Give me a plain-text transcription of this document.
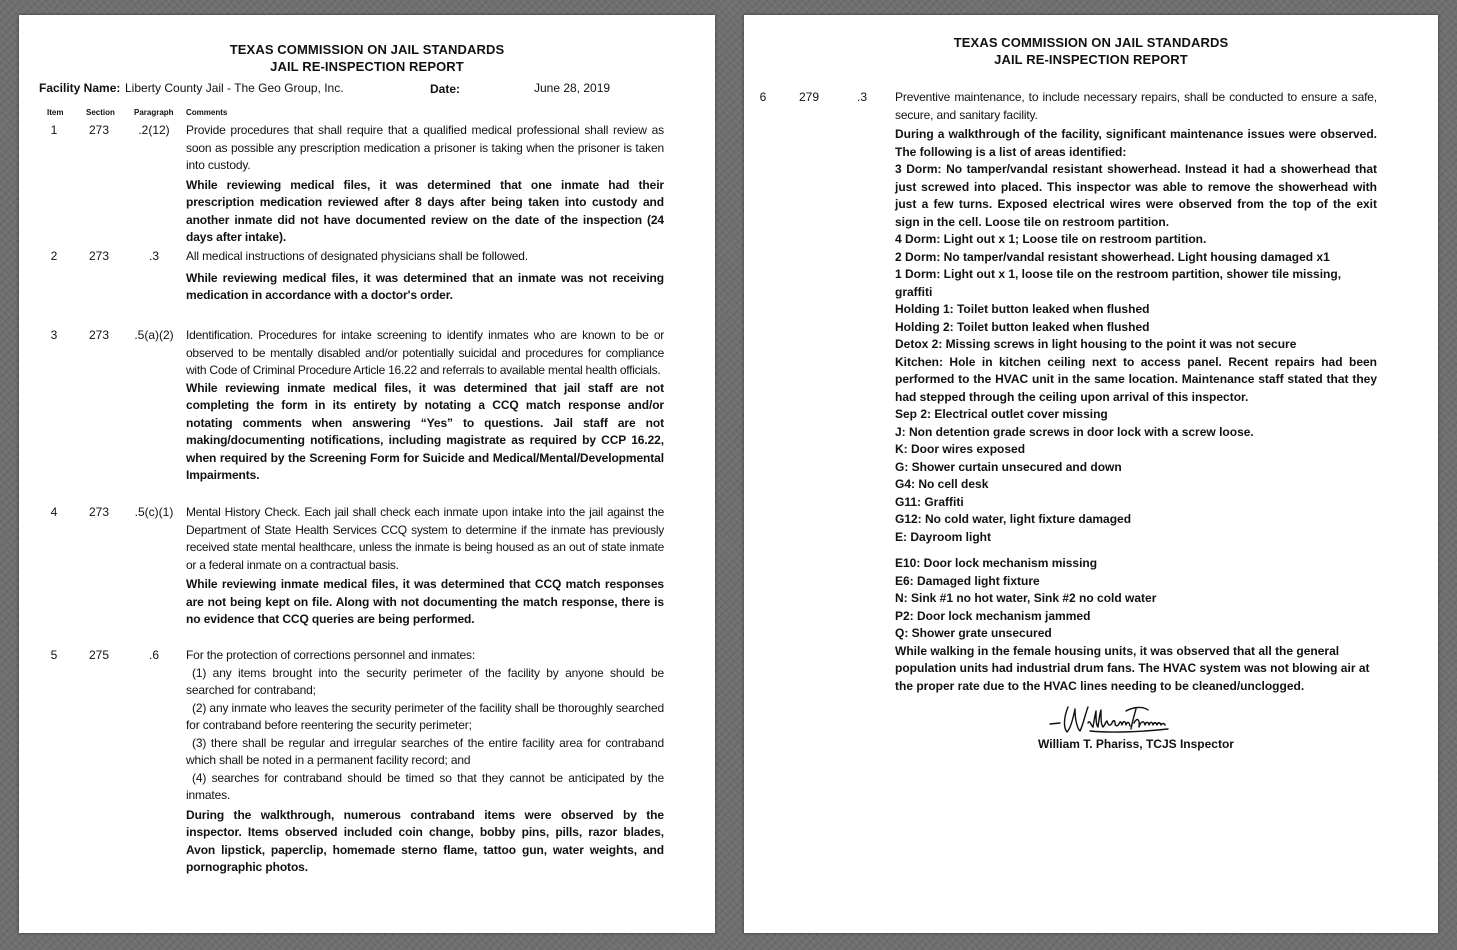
TEXAS COMMISSION ON JAIL STANDARDS
JAIL RE-INSPECTION REPORT
Facility Name: Liberty County Jail - The Geo Group, Inc.	Date:	June 28, 2019
Item	Section Paragraph Comments
1	273	.2(12)	Provide procedures that shall require that a qualified medical professional shall review as soon as possible any prescription medication a prisoner is taking when the prisoner is taken into custody.

While reviewing medical files, it was determined that one inmate had their prescription medication reviewed after 8 days after being taken into custody and another inmate did not have documented review on the date of the inspection (24 days after intake).

2	273	.3	All medical instructions of designated physicians shall be followed.

While reviewing medical files, it was determined that an inmate was not receiving medication in accordance with a doctor's order.

3	273	.5(a)(2)	Identification. Procedures for intake screening to identify inmates who are known to be or observed to be mentally disabled and/or potentially suicidal and procedures for compliance with Code of Criminal Procedure Article 16.22 and referrals to available mental health officials.

While reviewing inmate medical files, it was determined that jail staff are not completing the form in its entirety by notating a CCQ match response and/or notating comments when answering “Yes” to questions. Jail staff are not making/documenting notifications, including magistrate as required by CCP 16.22, when required by the Screening Form for Suicide and Medical/Mental/Developmental Impairments.

4	273	.5(c)(1)	Mental History Check. Each jail shall check each inmate upon intake into the jail against the Department of State Health Services CCQ system to determine if the inmate has previously received state mental healthcare, unless the inmate is being housed as an out of state inmate or a federal inmate on a contractual basis.

While reviewing inmate medical files, it was determined that CCQ match responses are not being kept on file. Along with not documenting the match response, there is no evidence that CCQ queries are being performed.

5	275	.6	For the protection of corrections personnel and inmates:

(1) any items brought into the security perimeter of the facility by anyone should be searched for contraband;

(2) any inmate who leaves the security perimeter of the facility shall be thoroughly searched for contraband before reentering the security perimeter;

(3) there shall be regular and irregular searches of the entire facility area for contraband which shall be noted in a permanent facility record; and

(4) searches for contraband should be timed so that they cannot be anticipated by the inmates.

During the walkthrough, numerous contraband items were observed by the inspector. Items observed included coin change, bobby pins, pills, razor blades, Avon lipstick, paperclip, homemade sterno flame, tattoo gun, water weights, and pornographic photos.

TEXAS COMMISSION ON JAIL STANDARDS
JAIL RE-INSPECTION REPORT
6	279	.3	Preventive maintenance, to include necessary repairs, shall be conducted to ensure a safe, secure, and sanitary facility.

During a walkthrough of the facility, significant maintenance issues were observed. The following is a list of areas identified:

3 Dorm: No tamper/vandal resistant showerhead. Instead it had a showerhead that just screwed into placed. This inspector was able to remove the showerhead with just a few turns. Exposed electrical wires were observed from the top of the exit sign in the cell. Loose tile on restroom partition.

4 Dorm: Light out x 1; Loose tile on restroom partition.

2 Dorm: No tamper/vandal resistant showerhead. Light housing damaged x1

1 Dorm: Light out x 1, loose tile on the restroom partition, shower tile missing, graffiti

Holding 1: Toilet button leaked when flushed

Holding 2: Toilet button leaked when flushed

Detox 2: Missing screws in light housing to the point it was not secure

Kitchen: Hole in kitchen ceiling next to access panel. Recent repairs had been performed to the HVAC unit in the same location. Maintenance staff stated that they had stepped through the ceiling upon arrival of this inspector.

Sep 2: Electrical outlet cover missing

J: Non detention grade screws in door lock with a screw loose.

K: Door wires exposed

G: Shower curtain unsecured and down

G4: No cell desk

G11: Graffiti

G12: No cold water, light fixture damaged

E: Dayroom light

E10: Door lock mechanism missing

E6: Damaged light fixture

N: Sink #1 no hot water, Sink #2 no cold water

P2: Door lock mechanism jammed

Q: Shower grate unsecured

While walking in the female housing units, it was observed that all the general population units had industrial drum fans. The HVAC system was not blowing air at the proper rate due to the HVAC lines needing to be cleaned/unclogged.

William T. Phariss, TCJS Inspector
